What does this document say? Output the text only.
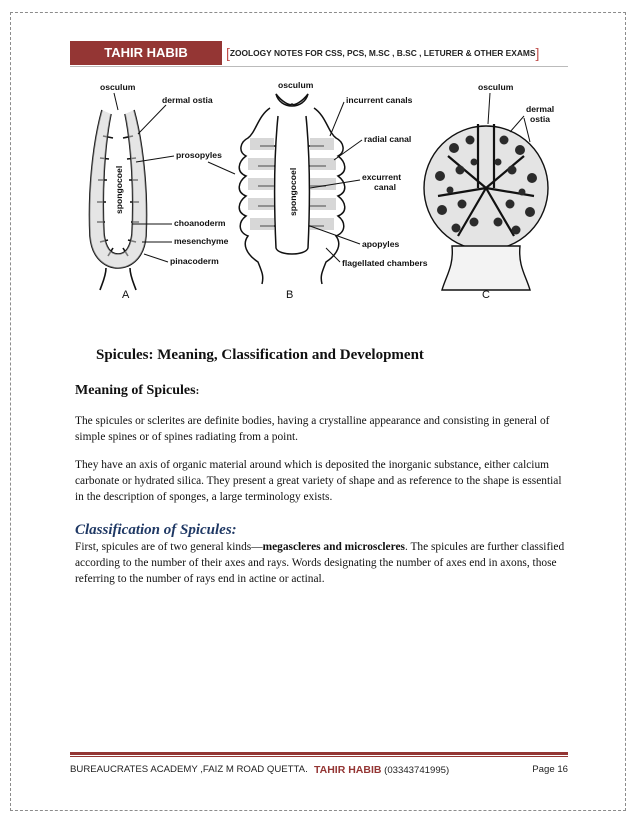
TAHIR HABIB	[ZOOLOGY NOTES FOR CSS, PCS, M.SC , B.SC , LETURER & OTHER EXAMS]
osculum
dermal ostia
spongocoel
prosopyles
choanoderm
mesenchyme
pinacoderm
A
osculum
spongocoel
incurrent canals
radial canal
excurrent
canal
apopyles
flagellated chambers
B
osculum
dermal
ostia
C
Spicules: Meaning, Classification and Development
Meaning of Spicules:

The spicules or sclerites are definite bodies, having a crystalline appearance and consisting in general of simple spines or of spines radiating from a point.

They have an axis of organic material around which is deposited the inorganic substance, either calcium carbonate or hydrated silica. They present a great variety of shape and as reference to the shape is essential in the description of sponges, a large terminology exists.

Classification of Spicules:

First, spicules are of two general kinds—megascleres and microscleres. The spicules are further classified according to the number of their axes and rays. Words designating the number of axes end in axons, those referring to the number of rays end in actine or actinal.

BUREAUCRATES ACADEMY ,FAIZ M ROAD QUETTA. TAHIR HABIB (03343741995)	Page 16
